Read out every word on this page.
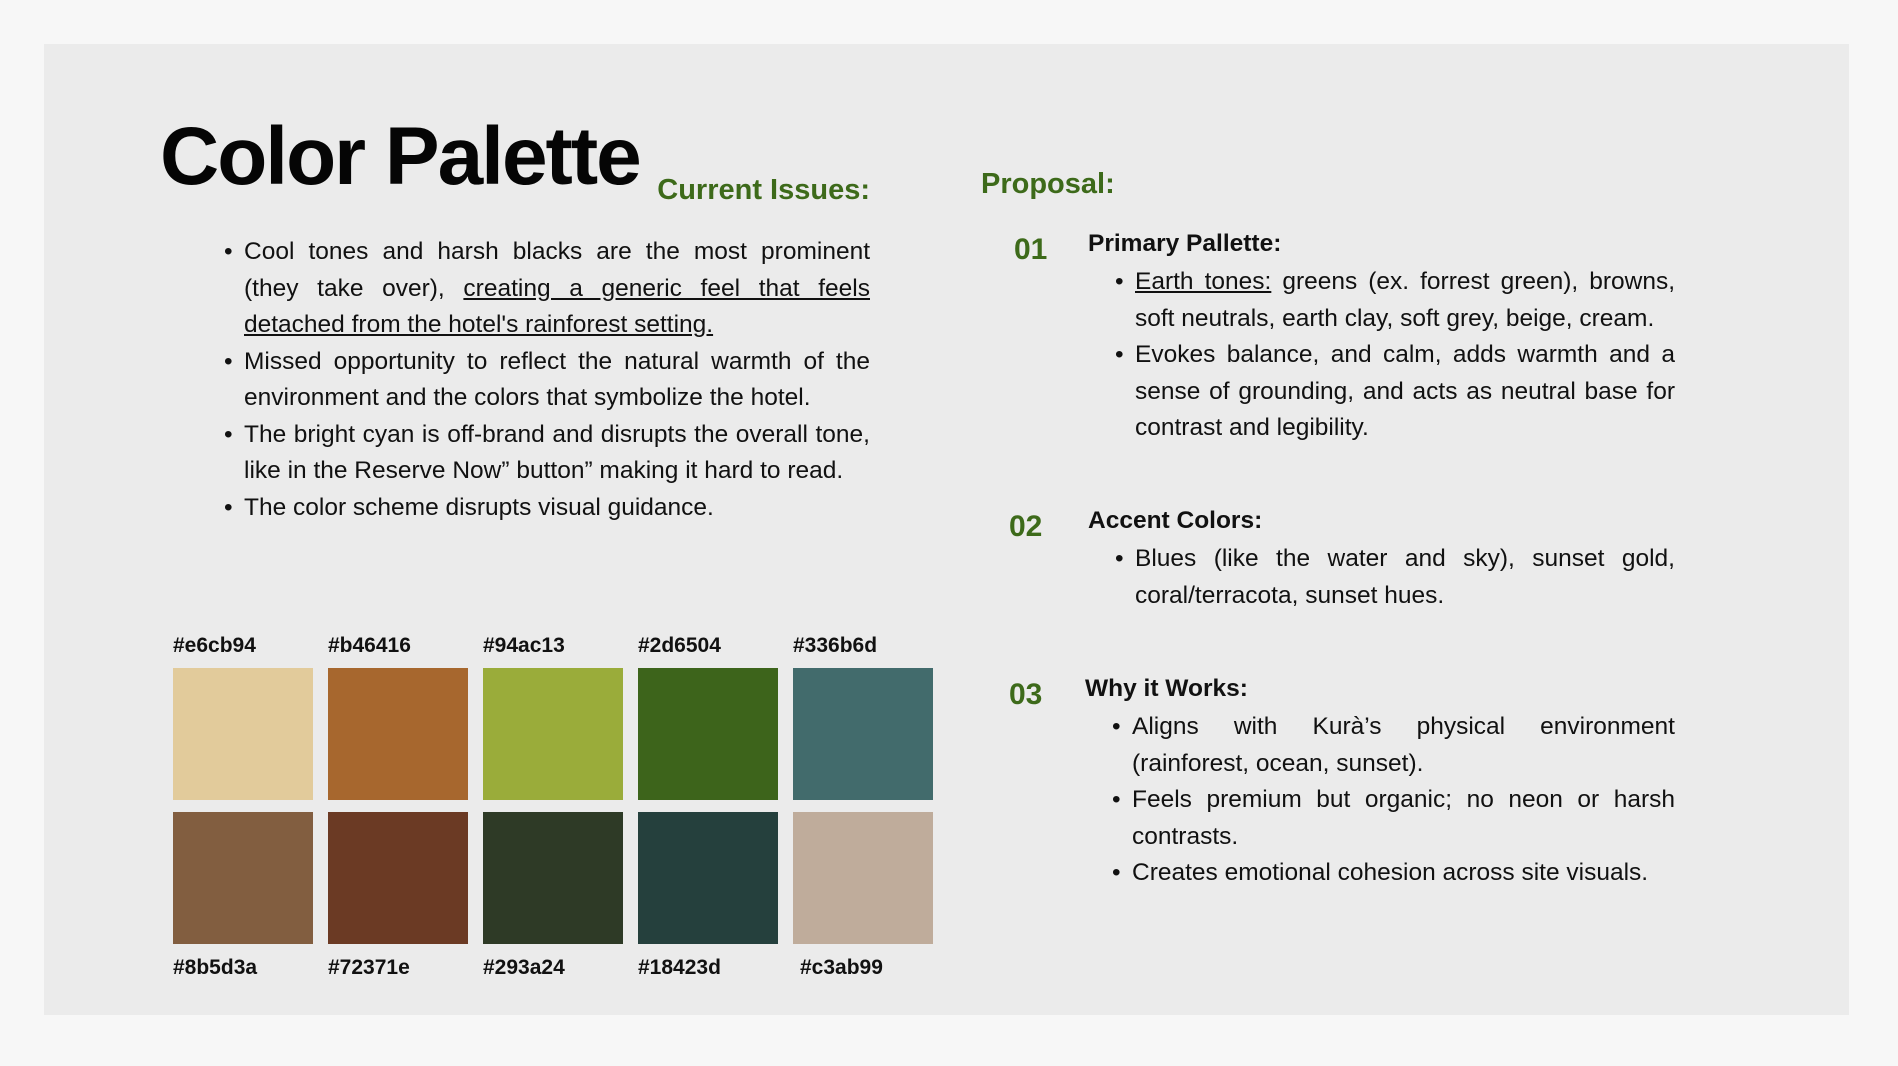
Color Palette Current Issues:
• Cool tones and harsh blacks are the most prominent (they take over), creating a generic feel that feels detached from the hotel's rainforest setting.
• Missed opportunity to reflect the natural warmth of the environment and the colors that symbolize the hotel.
• The bright cyan is off-brand and disrupts the overall tone, like in the Reserve Now” button” making it hard to read.
• The color scheme disrupts visual guidance.
#e6cb94	#b46416	#94ac13	#2d6504	#336b6d
#8b5d3a	#72371e	#293a24	#18423d	#c3ab99
Proposal:
01 Primary Pallette:
• Earth tones: greens (ex. forrest green), browns, soft neutrals, earth clay, soft grey, beige, cream.
• Evokes balance, and calm, adds warmth and a sense of grounding, and acts as neutral base for contrast and legibility.
02 Accent Colors:
• Blues (like the water and sky), sunset gold, coral/terracota, sunset hues.
03 Why it Works:
• Aligns with Kurà’s physical environment (rainforest, ocean, sunset).
• Feels premium but organic; no neon or harsh contrasts.
• Creates emotional cohesion across site visuals.
